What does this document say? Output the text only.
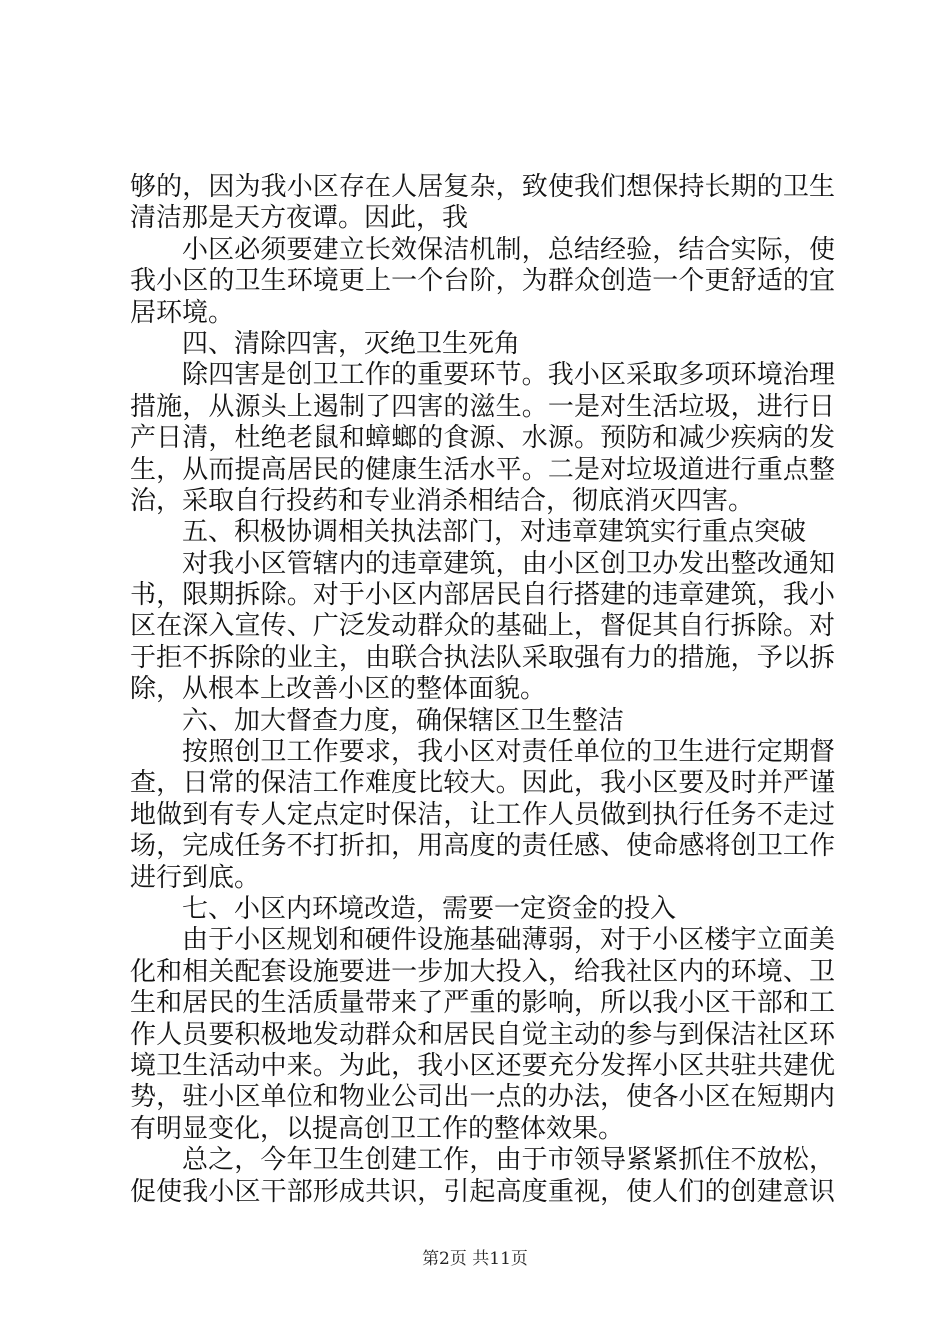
够的，因为我小区存在人居复杂，致使我们想保持长期的卫生
清洁那是天方夜谭。因此，我
小区必须要建立长效保洁机制，总结经验，结合实际，使
我小区的卫生环境更上一个台阶，为群众创造一个更舒适的宜
居环境。
四、清除四害，灭绝卫生死角
除四害是创卫工作的重要环节。我小区采取多项环境治理
措施，从源头上遏制了四害的滋生。一是对生活垃圾，进行日
产日清，杜绝老鼠和蟑螂的食源、水源。预防和减少疾病的发
生，从而提高居民的健康生活水平。二是对垃圾道进行重点整
治，采取自行投药和专业消杀相结合，彻底消灭四害。
五、积极协调相关执法部门，对违章建筑实行重点突破
对我小区管辖内的违章建筑，由小区创卫办发出整改通知
书，限期拆除。对于小区内部居民自行搭建的违章建筑，我小
区在深入宣传、广泛发动群众的基础上，督促其自行拆除。对
于拒不拆除的业主，由联合执法队采取强有力的措施，予以拆
除，从根本上改善小区的整体面貌。
六、加大督查力度，确保辖区卫生整洁
按照创卫工作要求，我小区对责任单位的卫生进行定期督
查，日常的保洁工作难度比较大。因此，我小区要及时并严谨
地做到有专人定点定时保洁，让工作人员做到执行任务不走过
场，完成任务不打折扣，用高度的责任感、使命感将创卫工作
进行到底。
七、小区内环境改造，需要一定资金的投入
由于小区规划和硬件设施基础薄弱，对于小区楼宇立面美
化和相关配套设施要进一步加大投入，给我社区内的环境、卫
生和居民的生活质量带来了严重的影响，所以我小区干部和工
作人员要积极地发动群众和居民自觉主动的参与到保洁社区环
境卫生活动中来。为此，我小区还要充分发挥小区共驻共建优
势，驻小区单位和物业公司出一点的办法，使各小区在短期内
有明显变化，以提高创卫工作的整体效果。
总之，今年卫生创建工作，由于市领导紧紧抓住不放松，
促使我小区干部形成共识，引起高度重视，使人们的创建意识
第2页 共11页
